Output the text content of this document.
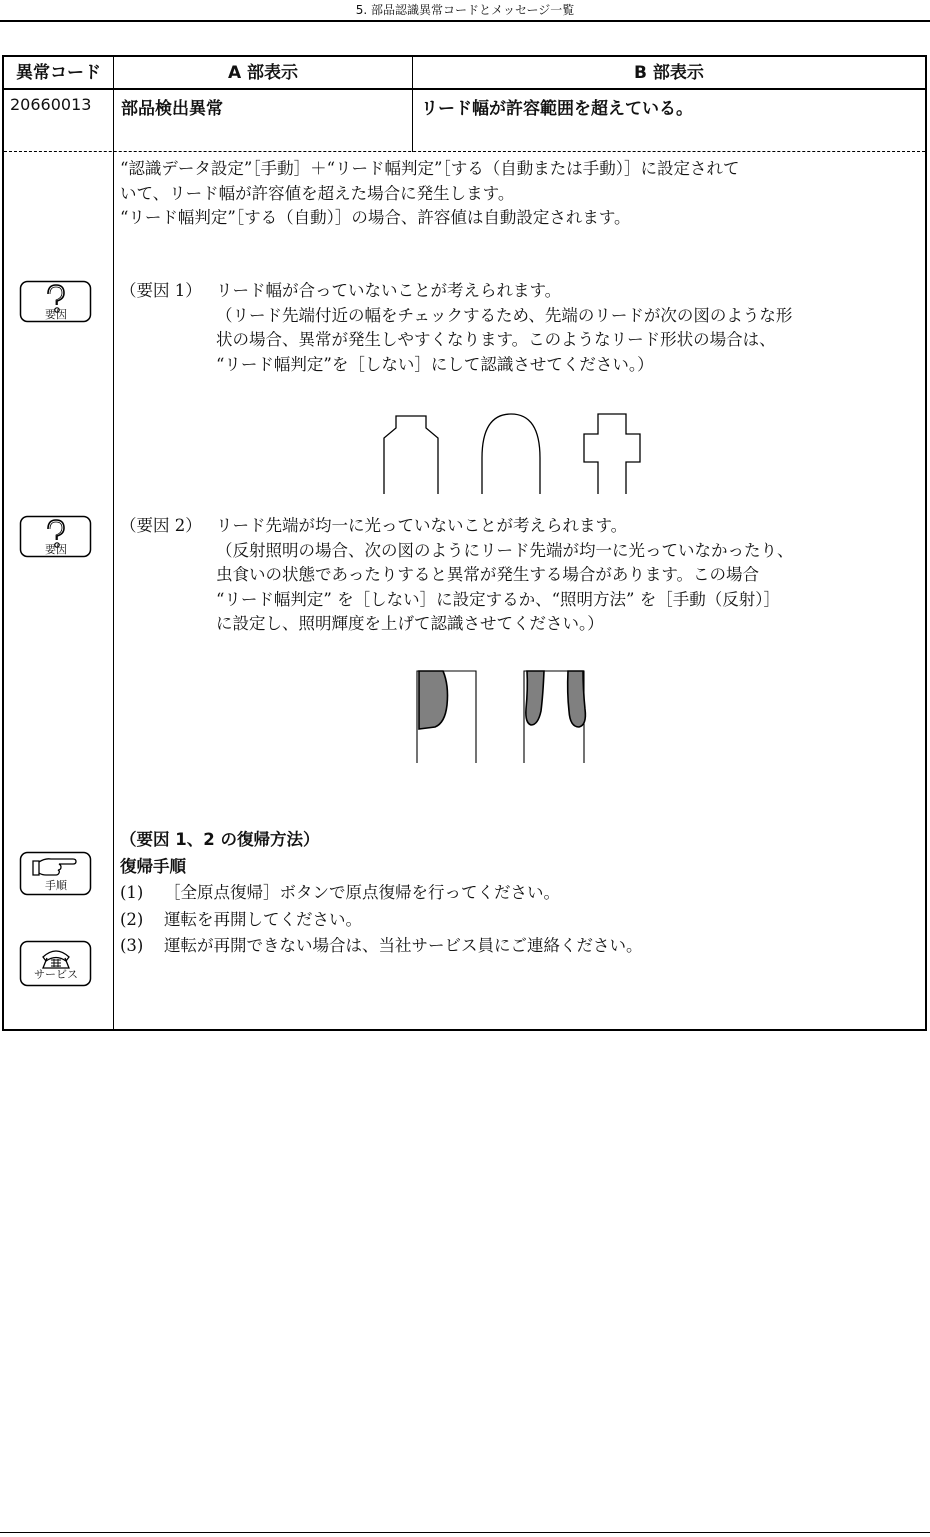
5. 部品認識異常コードとメッセージ一覧
異常コード	A 部表示	B 部表示
20660013 部品検出異常	リード幅が許容範囲を超えている。
“認識データ設定”［手動］＋“リード幅判定”［する（自動または手動）］に設定されて
いて、リード幅が許容値を超えた場合に発生します。
“リード幅判定”［する（自動）］の場合、許容値は自動設定されます。
要因
（要因 1） リード幅が合っていないことが考えられます。
（リード先端付近の幅をチェックするため、先端のリードが次の図のような形
状の場合、異常が発生しやすくなります。このようなリード形状の場合は、
“リード幅判定”を［しない］にして認識させてください。）
要因
（要因 2） リード先端が均一に光っていないことが考えられます。
（反射照明の場合、次の図のようにリード先端が均一に光っていなかったり、
虫食いの状態であったりすると異常が発生する場合があります。この場合
“リード幅判定” を［しない］に設定するか、“照明方法” を［手動（反射）］
に設定し、照明輝度を上げて認識させてください。）
（要因 1、2 の復帰方法）
復帰手順
(1) ［全原点復帰］ボタンで原点復帰を行ってください。
(2) 運転を再開してください。
(3) 運転が再開できない場合は、当社サービス員にご連絡ください。
手順
サービス
